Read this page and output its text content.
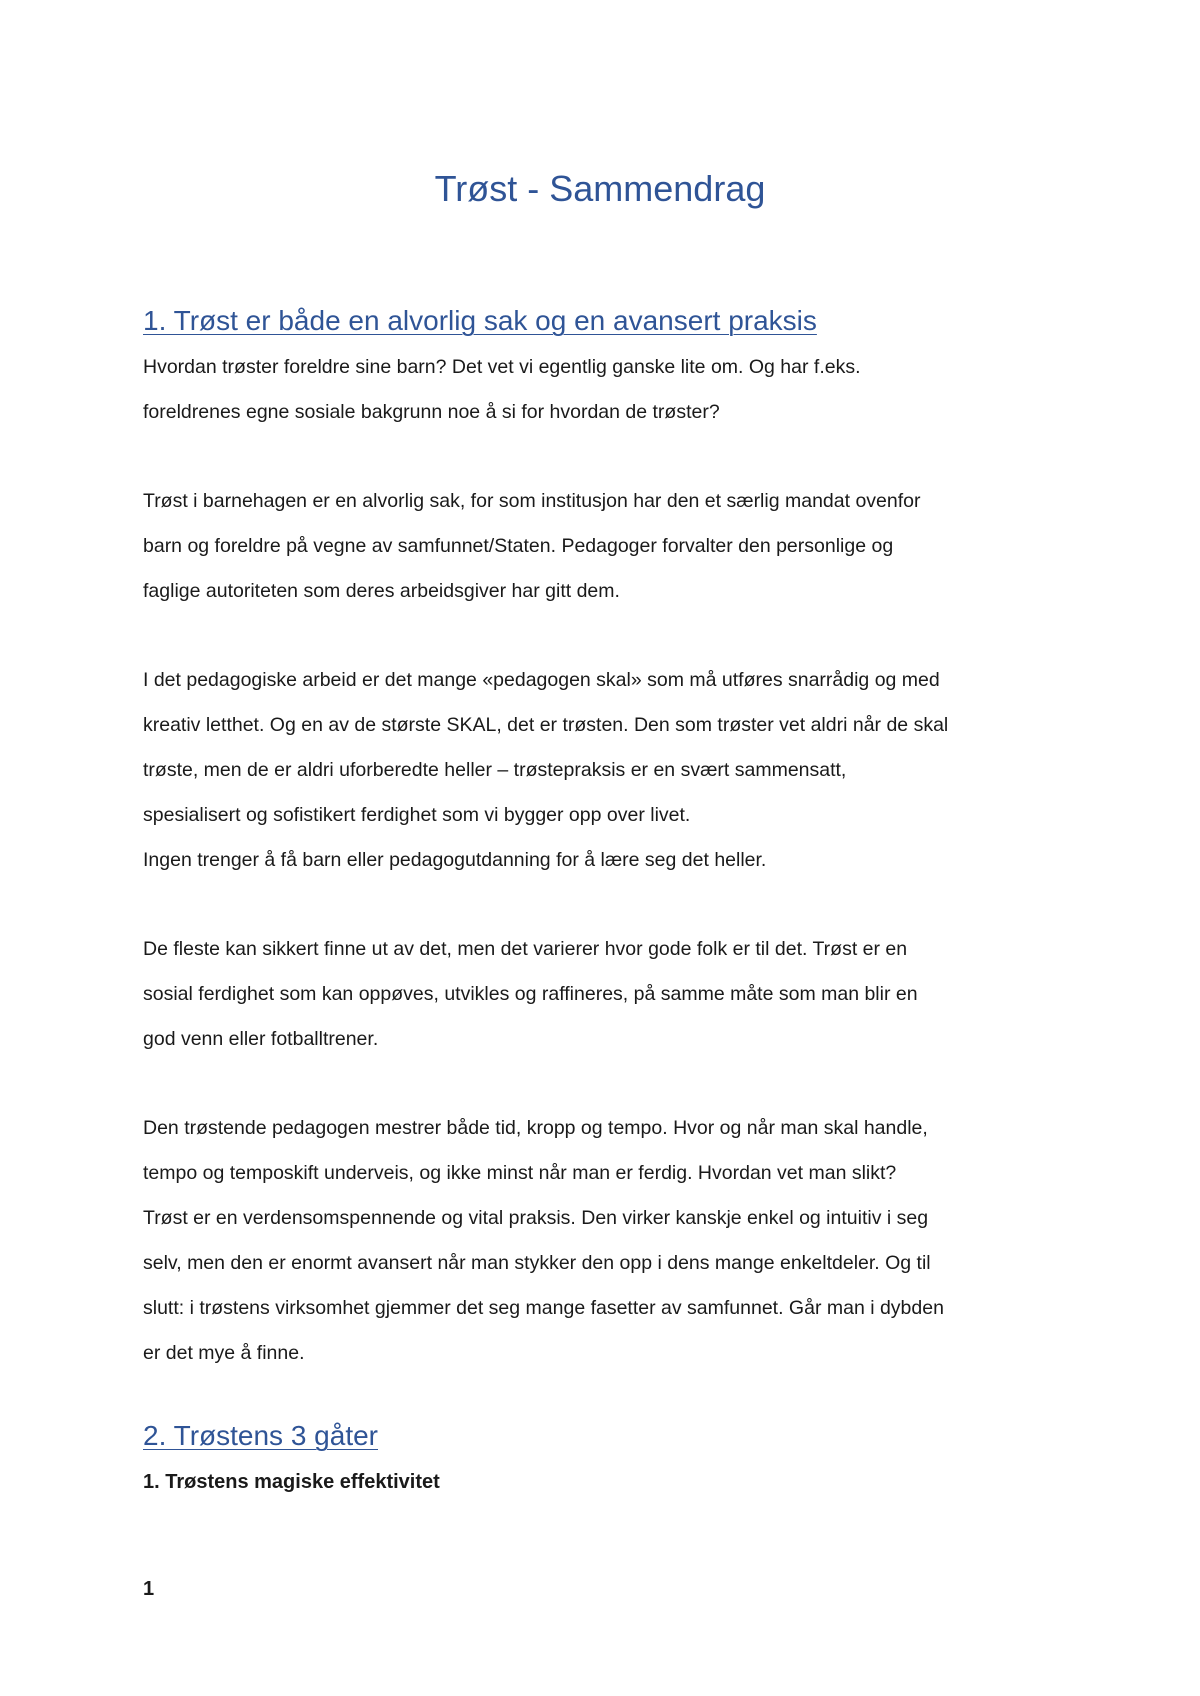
Trøst - Sammendrag
1. Trøst er både en alvorlig sak og en avansert praksis

Hvordan trøster foreldre sine barn? Det vet vi egentlig ganske lite om. Og har f.eks.
foreldrenes egne sosiale bakgrunn noe å si for hvordan de trøster?

Trøst i barnehagen er en alvorlig sak, for som institusjon har den et særlig mandat ovenfor
barn og foreldre på vegne av samfunnet/Staten. Pedagoger forvalter den personlige og
faglige autoriteten som deres arbeidsgiver har gitt dem.

I det pedagogiske arbeid er det mange «pedagogen skal» som må utføres snarrådig og med
kreativ letthet. Og en av de største SKAL, det er trøsten. Den som trøster vet aldri når de skal
trøste, men de er aldri uforberedte heller – trøstepraksis er en svært sammensatt,
spesialisert og sofistikert ferdighet som vi bygger opp over livet.
Ingen trenger å få barn eller pedagogutdanning for å lære seg det heller.

De fleste kan sikkert finne ut av det, men det varierer hvor gode folk er til det. Trøst er en
sosial ferdighet som kan oppøves, utvikles og raffineres, på samme måte som man blir en
god venn eller fotballtrener.

Den trøstende pedagogen mestrer både tid, kropp og tempo. Hvor og når man skal handle,
tempo og temposkift underveis, og ikke minst når man er ferdig. Hvordan vet man slikt?
Trøst er en verdensomspennende og vital praksis. Den virker kanskje enkel og intuitiv i seg
selv, men den er enormt avansert når man stykker den opp i dens mange enkeltdeler. Og til
slutt: i trøstens virksomhet gjemmer det seg mange fasetter av samfunnet. Går man i dybden
er det mye å finne.

2. Trøstens 3 gåter

1. Trøstens magiske effektivitet

1
